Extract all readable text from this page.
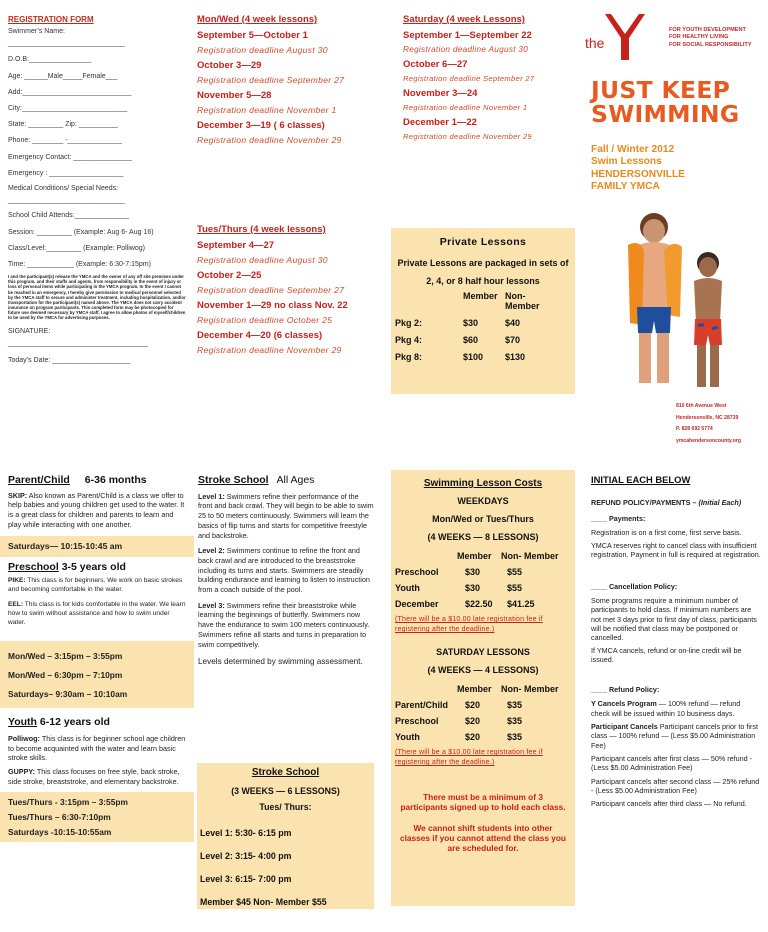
REGISTRATION FORM
Swimmer’s Name:
______________________________
D.O.B:________________
Age: ______Male_____Female___
Add:____________________________
City:___________________________
State: _________ Zip: __________
Phone: ________ -______________
Emergency Contact: _______________
Emergency : ___________________
Medical Conditions/ Special Needs:
______________________________
School Child Attends:______________
Session: _________ (Example: Aug 6- Aug 16)
Class/Level:_________ (Example: Polliwog)
Time: ____________ (Example: 6:30-7:15pm)
I and the participant(s) release the YMCA and the owner of any off site premises under this program, and their staffs and agents, from responsibility in the event of injury or loss of personal items while participating in the YMCA program. In the event I cannot be reached in an emergency, I hereby give permission to medical personnel selected by the YMCA staff to secure and administer treatment, including hospitalization, and/or transportation for the participant(s) named above. The YMCA does not carry accident insurance on program participants. This completed form may be photocopied for future use deemed necessary by YMCA staff. I agree to allow photos of myself/children to be used by the YMCA for advertising purposes.
SIGNATURE: ____________________________________
Today’s Date: ____________________
Mon/Wed (4 week lessons)
September 5—October 1
Registration deadline August 30
October 3—29
Registration deadline September 27
November 5—28
Registration deadline November 1
December 3—19 ( 6 classes)
Registration deadline November 29
Tues/Thurs (4 week lessons)
September 4—27
Registration deadline August 30
October 2—25
Registration deadline September 27
November 1—29 no class Nov. 22
Registration deadline October 25
December 4—20 (6 classes)
Registration deadline November 29
Saturday (4 week Lessons)
September 1—September 22
Registration deadline August 30
October 6—27
Registration deadline September 27
November 3—24
Registration deadline November 1
December 1—22
Registration deadline November 29
Private Lessons
Private Lessons are packaged in sets of
2, 4, or 8 half hour lessons
Member Non-Member
Pkg 2:	$30	$40
Pkg 4:	$60	$70
Pkg 8:	$100	$130
the
FOR YOUTH DEVELOPMENT
FOR HEALTHY LIVING
FOR SOCIAL RESPONSIBILITY
JUST KEEP
SWIMMING
Fall / Winter 2012
Swim Lessons
HENDERSONVILLE
FAMILY YMCA
810 6th Avenue West
Hendersonville, NC 28739
P. 828 692 5774
ymcahendersoncounty.org
Parent/Child 6-36 months
SKIP: Also known as Parent/Child is a class we offer to help babies and young children get used to the water. It is a great class for children and parents to learn and play while interacting with one another.
Saturdays— 10:15-10:45 am
Preschool 3-5 years old
PIKE: This class is for beginners. We work on basic strokes and becoming comfortable in the water.
EEL: This class is for kids comfortable in the water. We learn how to swim without assistance and how to swim under water.
Mon/Wed – 3:15pm – 3:55pm
Mon/Wed – 6:30pm – 7:10pm
Saturdays– 9:30am – 10:10am
Youth 6-12 years old
Polliwog: This class is for beginner school age children to become acquainted with the water and learn basic stroke skills.
GUPPY: This class focuses on free style, back stroke, side stroke, breaststroke, and elementary backstroke.
Tues/Thurs - 3:15pm – 3:55pm
Tues/Thurs – 6:30-7:10pm
Saturdays -10:15-10:55am
Stroke School All Ages
Level 1: Swimmers refine their performance of the front and back crawl. They will begin to be able to swim 25 to 50 meters continuously. Swimmers will learn the basics of flip turns and starts for competitive freestyle and backstroke.
Level 2: Swimmers continue to refine the front and back crawl and are introduced to the breaststroke including its turns and starts. Swimmers are steadily building endurance and learning to listen to instruction from a coach outside of the pool.
Level 3: Swimmers refine their breaststroke while learning the beginnings of butterfly. Swimmers now have the endurance to swim 100 meters continuously. Swimmers refine all starts and turns in preparation to swim competitively.
Levels determined by swimming assessment.
Stroke School
(3 WEEKS — 6 LESSONS)
Tues/ Thurs:
Level 1: 5:30- 6:15 pm
Level 2: 3:15- 4:00 pm
Level 3: 6:15- 7:00 pm
Member $45 Non- Member $55
Swimming Lesson Costs
WEEKDAYS
Mon/Wed or Tues/Thurs
(4 WEEKS — 8 LESSONS)
Member	Non- Member
Preschool	$30	$55
Youth	$30	$55
December	$22.50	$41.25
(There will be a $10.00 late registration fee if registering after the deadline.)
SATURDAY LESSONS
(4 WEEKS — 4 LESSONS)
Member	Non- Member
Parent/Child	$20	$35
Preschool	$20	$35
Youth	$20	$35
(There will be a $10.00 late registration fee if registering after the deadline.)
There must be a minimum of 3 participants signed up to hold each class.
We cannot shift students into other classes if you cannot attend the class you are scheduled for.
INITIAL EACH BELOW
REFUND POLICY/PAYMENTS – (Initial Each)
____ Payments:
Registration is on a first come, first serve basis.
YMCA reserves right to cancel class with insufficient registration. Payment in full is required at registration.
____ Cancellation Policy:
Some programs require a minimum number of participants to hold class. If minimum numbers are not met 3 days prior to first day of class, participants will be notified that class may be postponed or cancelled.
If YMCA cancels, refund or on-line credit will be issued.
____ Refund Policy:
Y Cancels Program — 100% refund — refund check will be issued within 10 business days.
Participant Cancels Participant cancels prior to first class — 100% refund — (Less $5.00 Administration Fee)
Participant cancels after first class — 50% refund - (Less $5.00 Administration Fee)
Participant cancels after second class — 25% refund - (Less $5.00 Administration Fee)
Participant cancels after third class — No refund.
